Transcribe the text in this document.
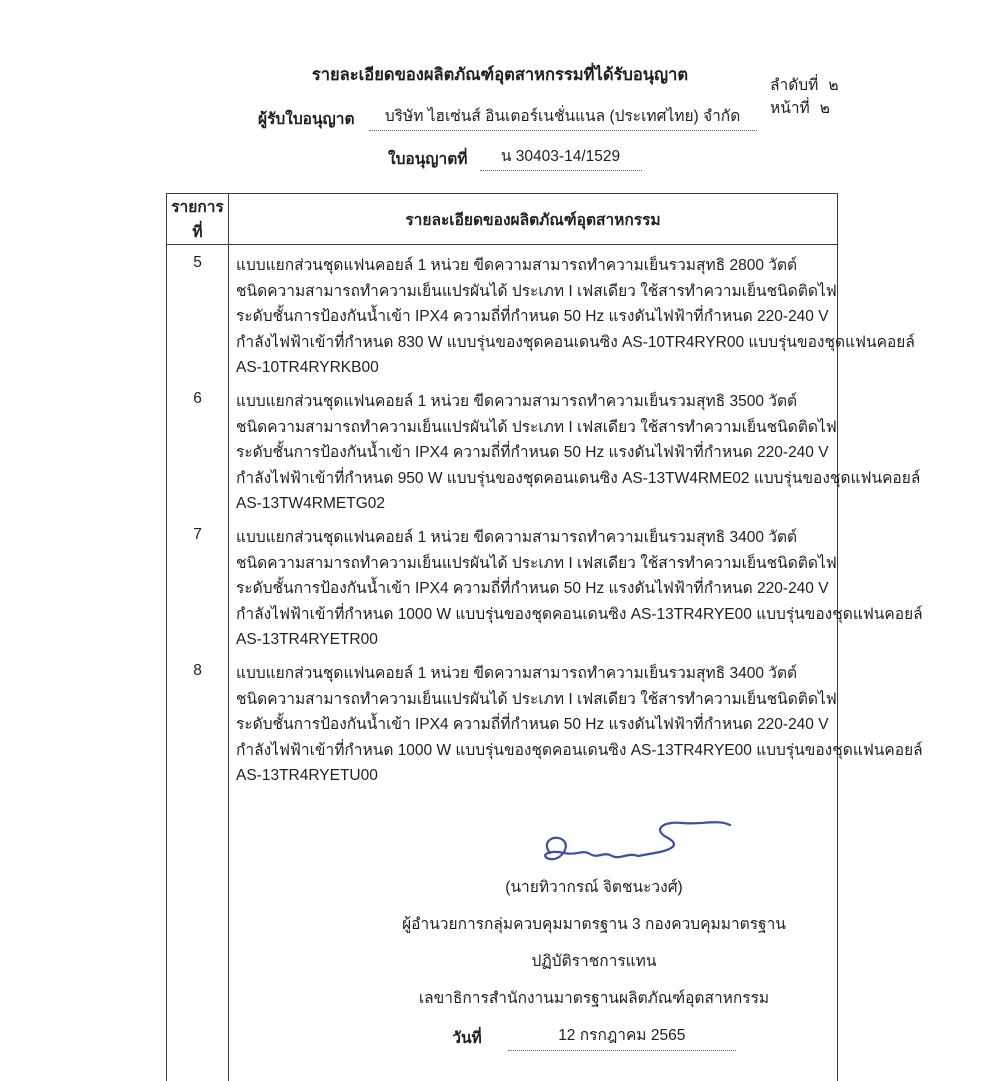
ลำดับที่ ๒
หน้าที่ ๒
รายละเอียดของผลิตภัณฑ์อุตสาหกรรมที่ได้รับอนุญาต
ผู้รับใบอนุญาต	บริษัท ไฮเซ่นส์ อินเตอร์เนชั่นแนล (ประเทศไทย) จำกัด
ใบอนุญาตที่	น 30403-14/1529
รายการที่	รายละเอียดของผลิตภัณฑ์อุตสาหกรรม
5	แบบแยกส่วนชุดแฟนคอยล์ 1 หน่วย ขีดความสามารถทำความเย็นรวมสุทธิ 2800 วัตต์
ชนิดความสามารถทำความเย็นแปรผันได้ ประเภท I เฟสเดียว ใช้สารทำความเย็นชนิดติดไฟ
ระดับชั้นการป้องกันน้ำเข้า IPX4 ความถี่ที่กำหนด 50 Hz แรงดันไฟฟ้าที่กำหนด 220-240 V
กำลังไฟฟ้าเข้าที่กำหนด 830 W แบบรุ่นของชุดคอนเดนซิง AS-10TR4RYR00 แบบรุ่นของชุดแฟนคอยล์
AS-10TR4RYRKB00

6	แบบแยกส่วนชุดแฟนคอยล์ 1 หน่วย ขีดความสามารถทำความเย็นรวมสุทธิ 3500 วัตต์
ชนิดความสามารถทำความเย็นแปรผันได้ ประเภท I เฟสเดียว ใช้สารทำความเย็นชนิดติดไฟ
ระดับชั้นการป้องกันน้ำเข้า IPX4 ความถี่ที่กำหนด 50 Hz แรงดันไฟฟ้าที่กำหนด 220-240 V
กำลังไฟฟ้าเข้าที่กำหนด 950 W แบบรุ่นของชุดคอนเดนซิง AS-13TW4RME02 แบบรุ่นของชุดแฟนคอยล์
AS-13TW4RMETG02

7	แบบแยกส่วนชุดแฟนคอยล์ 1 หน่วย ขีดความสามารถทำความเย็นรวมสุทธิ 3400 วัตต์
ชนิดความสามารถทำความเย็นแปรผันได้ ประเภท I เฟสเดียว ใช้สารทำความเย็นชนิดติดไฟ
ระดับชั้นการป้องกันน้ำเข้า IPX4 ความถี่ที่กำหนด 50 Hz แรงดันไฟฟ้าที่กำหนด 220-240 V
กำลังไฟฟ้าเข้าที่กำหนด 1000 W แบบรุ่นของชุดคอนเดนซิง AS-13TR4RYE00 แบบรุ่นของชุดแฟนคอยล์
AS-13TR4RYETR00

8	แบบแยกส่วนชุดแฟนคอยล์ 1 หน่วย ขีดความสามารถทำความเย็นรวมสุทธิ 3400 วัตต์
ชนิดความสามารถทำความเย็นแปรผันได้ ประเภท I เฟสเดียว ใช้สารทำความเย็นชนิดติดไฟ
ระดับชั้นการป้องกันน้ำเข้า IPX4 ความถี่ที่กำหนด 50 Hz แรงดันไฟฟ้าที่กำหนด 220-240 V
กำลังไฟฟ้าเข้าที่กำหนด 1000 W แบบรุ่นของชุดคอนเดนซิง AS-13TR4RYE00 แบบรุ่นของชุดแฟนคอยล์
AS-13TR4RYETU00

(นายทิวากรณ์ จิตชนะวงศ์)
ผู้อำนวยการกลุ่มควบคุมมาตรฐาน 3 กองควบคุมมาตรฐาน
ปฏิบัติราชการแทน
เลขาธิการสำนักงานมาตรฐานผลิตภัณฑ์อุตสาหกรรม
วันที่	12 กรกฎาคม 2565
